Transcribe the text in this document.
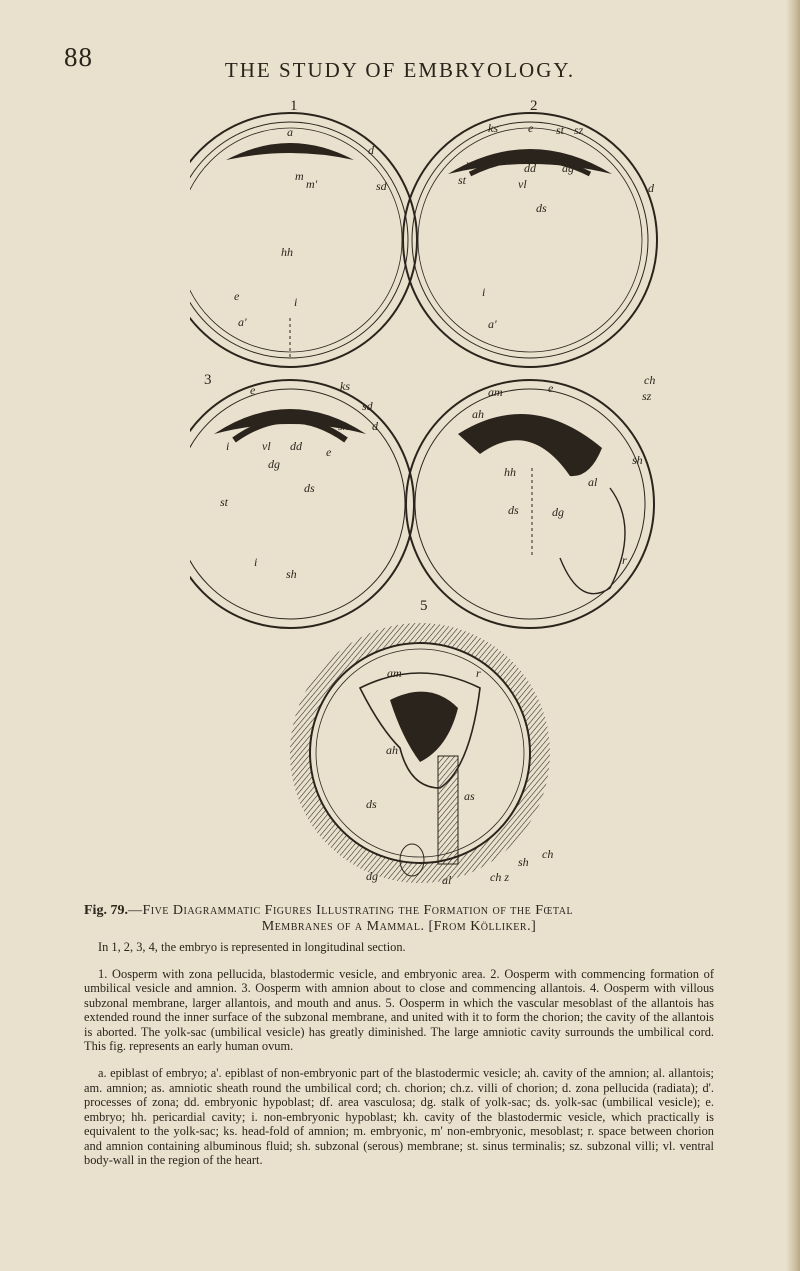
88	THE STUDY OF EMBRYOLOGY.
1
a
d
m
m'	sd
hh
e
a'
i
2
ks	e st sz
m'	dd dg
vl
st
ds
i
a'
d
3
e	ks
sd
sh d
vl dd e
i
dg
ds
st
i
sh
am
ah
hh
ds	dg
al
sh
r
e
ch
sz
5
am	r
ah
as
ch
ds
dg	al
sh
ch z
Fig. 79.—Five Diagrammatic Figures Illustrating the Formation of the Fœtal
Membranes of a Mammal. [From Kölliker.]

In 1, 2, 3, 4, the embryo is represented in longitudinal section.

1. Oosperm with zona pellucida, blastodermic vesicle, and embryonic area. 2. Oosperm with commencing formation of umbilical vesicle and amnion. 3. Oosperm with amnion about to close and commencing allantois. 4. Oosperm with villous subzonal membrane, larger allantois, and mouth and anus. 5. Oosperm in which the vascular mesoblast of the allantois has extended round the inner surface of the subzonal membrane, and united with it to form the chorion; the cavity of the allantois is aborted. The yolk-sac (umbilical vesicle) has greatly diminished. The large amniotic cavity surrounds the umbilical cord. This fig. represents an early human ovum.

a. epiblast of embryo; a'. epiblast of non-embryonic part of the blastodermic vesicle; ah. cavity of the amnion; al. allantois; am. amnion; as. amniotic sheath round the umbilical cord; ch. chorion; ch.z. villi of chorion; d. zona pellucida (radiata); d'. processes of zona; dd. embryonic hypoblast; df. area vasculosa; dg. stalk of yolk-sac; ds. yolk-sac (umbilical vesicle); e. embryo; hh. pericardial cavity; i. non-embryonic hypoblast; kh. cavity of the blastodermic vesicle, which practically is equivalent to the yolk-sac; ks. head-fold of amnion; m. embryonic, m' non-embryonic, mesoblast; r. space between chorion and amnion containing albuminous fluid; sh. subzonal (serous) membrane; st. sinus terminalis; sz. subzonal villi; vl. ventral body-wall in the region of the heart.
